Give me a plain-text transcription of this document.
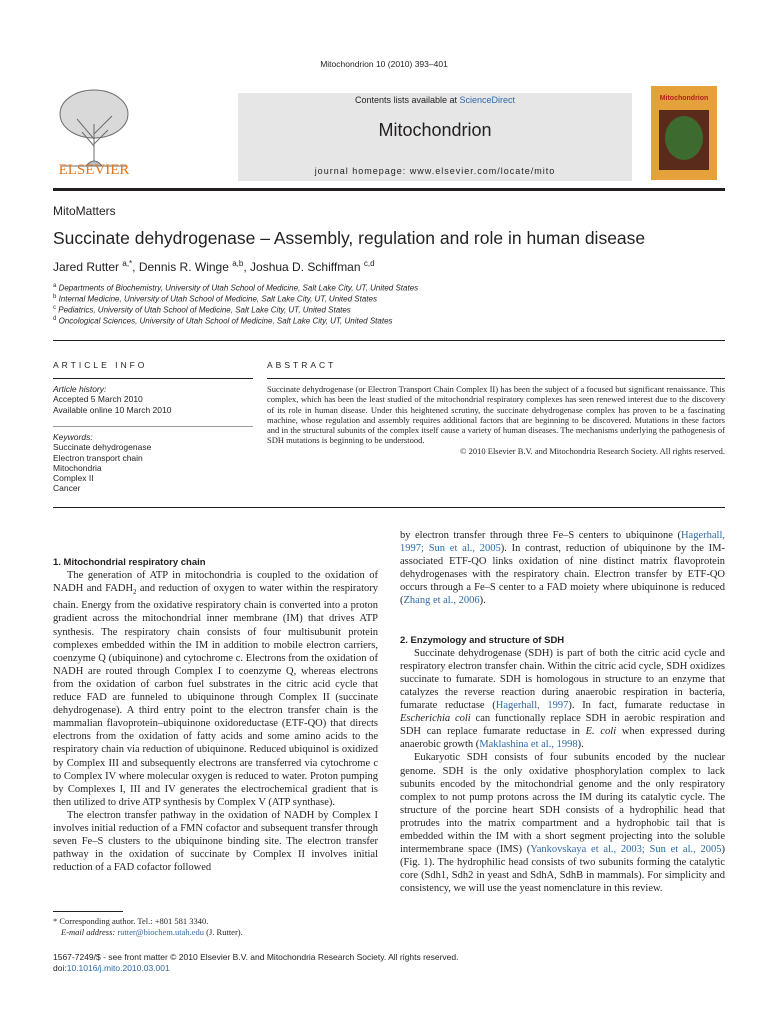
Mitochondrion 10 (2010) 393–401
ELSEVIER
Contents lists available at ScienceDirect
Mitochondrion
journal homepage: www.elsevier.com/locate/mito
Mitochondrion
MitoMatters
Succinate dehydrogenase – Assembly, regulation and role in human disease
Jared Rutter $^{a,*}$, Dennis R. Winge $^{a,b}$, Joshua D. Schiffman $^{c,d}$
$^a$ Departments of Biochemistry, University of Utah School of Medicine, Salt Lake City, UT, United States
$^b$ Internal Medicine, University of Utah School of Medicine, Salt Lake City, UT, United States
$^c$ Pediatrics, University of Utah School of Medicine, Salt Lake City, UT, United States
$^d$ Oncological Sciences, University of Utah School of Medicine, Salt Lake City, UT, United States
ARTICLE INFO	ABSTRACT
Article history:
Accepted 5 March 2010
Available online 10 March 2010
Keywords:
Succinate dehydrogenase
Electron transport chain
Mitochondria
Complex II
Cancer
Succinate dehydrogenase (or Electron Transport Chain Complex II) has been the subject of a focused but significant renaissance. This complex, which has been the least studied of the mitochondrial respiratory complexes has seen renewed interest due to the discovery of its role in human disease. Under this heightened scrutiny, the succinate dehydrogenase complex has proven to be a fascinating machine, whose regulation and assembly requires additional factors that are beginning to be discovered. Mutations in these factors and in the structural subunits of the complex itself cause a variety of human diseases. The mechanisms underlying the pathogenesis of SDH mutations is beginning to be understood.
© 2010 Elsevier B.V. and Mitochondria Research Society. All rights reserved.

1. Mitochondrial respiratory chain

The generation of ATP in mitochondria is coupled to the oxidation of NADH and $FADH_2$ and reduction of oxygen to water within the respiratory chain. Energy from the oxidative respiratory chain is converted into a proton gradient across the mitochondrial inner membrane (IM) that drives ATP synthesis. The respiratory chain consists of four multisubunit protein complexes embedded within the IM in addition to mobile electron carriers, coenzyme Q (ubiquinone) and cytochrome c. Electrons from the oxidation of NADH are routed through Complex I to coenzyme Q, whereas electrons from the oxidation of carbon fuel substrates in the citric acid cycle that reduce FAD are funneled to ubiquinone through Complex II (succinate dehydrogenase). A third entry point to the electron transfer chain is the mammalian flavoprotein–ubiquinone oxidoreductase (ETF-QO) that directs electrons from the oxidation of fatty acids and some amino acids to the respiratory chain via reduction of ubiquinone. Reduced ubiquinol is oxidized by Complex III and subsequently electrons are transferred via cytochrome c to Complex IV where molecular oxygen is reduced to water. Proton pumping by Complexes I, III and IV generates the electrochemical gradient that is then utilized to drive ATP synthesis by Complex V (ATP synthase).

The electron transfer pathway in the oxidation of NADH by Complex I involves initial reduction of a FMN cofactor and subsequent transfer through seven Fe–S clusters to the ubiquinone binding site. The electron transfer pathway in the oxidation of succinate by Complex II involves initial reduction of a FAD cofactor followed

by electron transfer through three Fe–S centers to ubiquinone (Hagerhall, 1997; Sun et al., 2005). In contrast, reduction of ubiquinone by the IM-associated ETF-QO links oxidation of nine distinct matrix flavoprotein dehydrogenases with the respiratory chain. Electron transfer by ETF-QO occurs through a Fe–S center to a FAD moiety where ubiquinone is reduced (Zhang et al., 2006).

2. Enzymology and structure of SDH

Succinate dehydrogenase (SDH) is part of both the citric acid cycle and respiratory electron transfer chain. Within the citric acid cycle, SDH oxidizes succinate to fumarate. SDH is homologous in structure to an enzyme that catalyzes the reverse reaction during anaerobic respiration in bacteria, fumarate reductase (Hagerhall, 1997). In fact, fumarate reductase in Escherichia coli can functionally replace SDH in aerobic respiration and SDH can replace fumarate reductase in E. coli when expressed during anaerobic growth (Maklashina et al., 1998).

Eukaryotic SDH consists of four subunits encoded by the nuclear genome. SDH is the only oxidative phosphorylation complex to lack subunits encoded by the mitochondrial genome and the only respiratory complex to not pump protons across the IM during its catalytic cycle. The structure of the porcine heart SDH consists of a hydrophilic head that protrudes into the matrix compartment and a hydrophobic tail that is embedded within the IM with a short segment projecting into the soluble intermembrane space (IMS) (Yankovskaya et al., 2003; Sun et al., 2005) (Fig. 1). The hydrophilic head consists of two subunits forming the catalytic core (Sdh1, Sdh2 in yeast and SdhA, SdhB in mammals). For simplicity and consistency, we will use the yeast nomenclature in this review.

* Corresponding author. Tel.: +801 581 3340.
E-mail address: rutter@biochem.utah.edu (J. Rutter).
1567-7249/$ - see front matter © 2010 Elsevier B.V. and Mitochondria Research Society. All rights reserved.
doi:10.1016/j.mito.2010.03.001
